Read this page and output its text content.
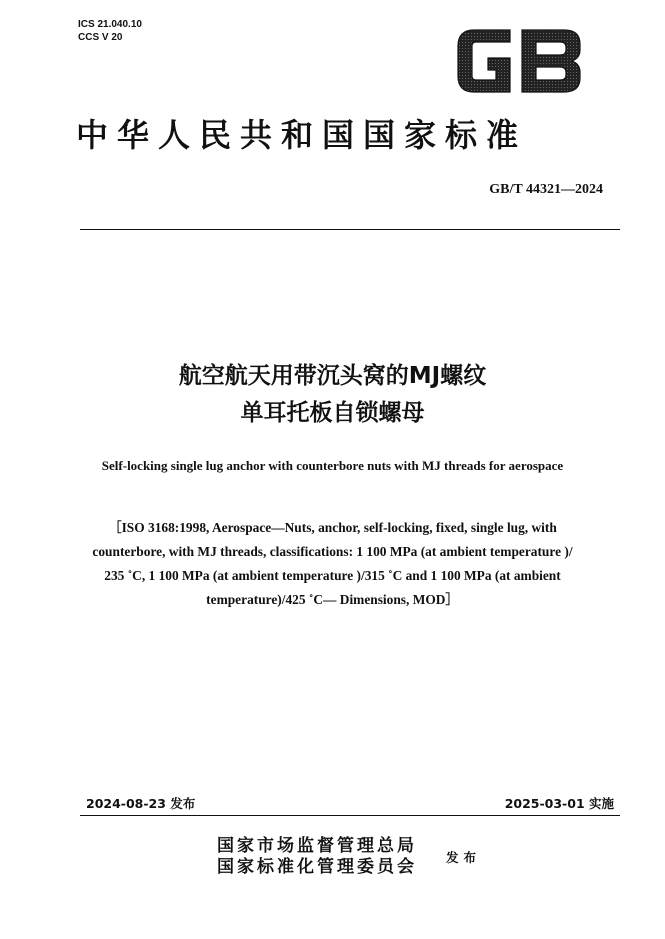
ICS 21.040.10
CCS V 20
中华人民共和国国家标准
GB/T 44321—2024
航空航天用带沉头窝的MJ螺纹
单耳托板自锁螺母
Self-locking single lug anchor with counterbore nuts with MJ threads for aerospace
［ISO 3168:1998, Aerospace—Nuts, anchor, self-locking, fixed, single lug, with
counterbore, with MJ threads, classifications: 1 100 MPa (at ambient temperature )/
235 ˚C, 1 100 MPa (at ambient temperature )/315 ˚C and 1 100 MPa (at ambient
temperature)/425 ˚C— Dimensions, MOD］
2024-08-23 发布	2025-03-01 实施
国家市场监督管理总局
国家标准化管理委员会 发布
